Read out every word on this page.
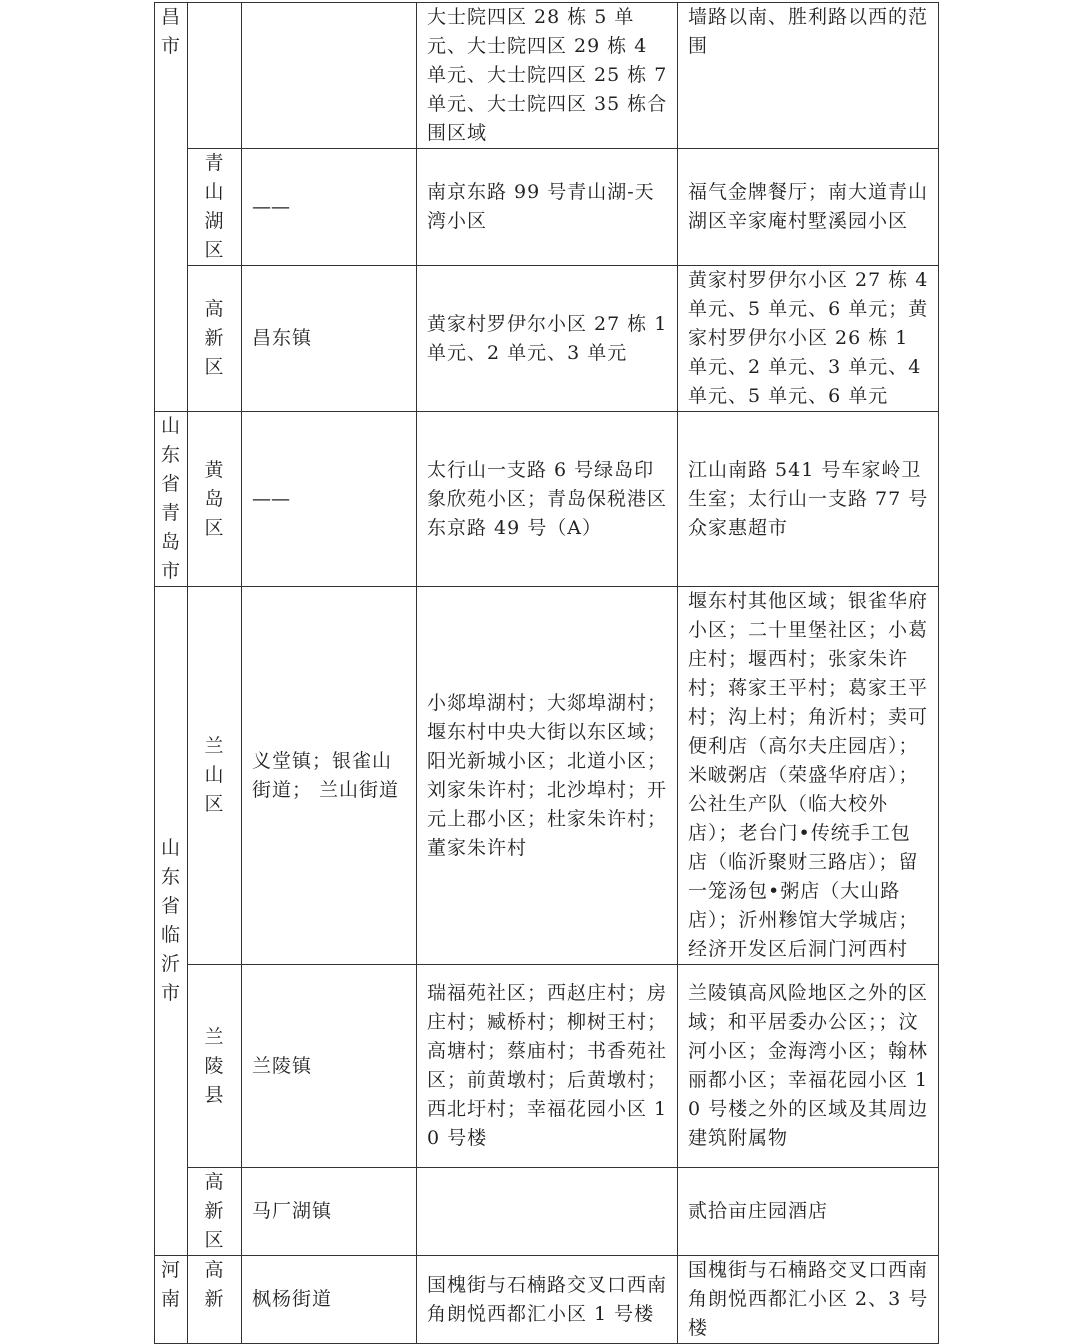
昌市			大士院四区 28 栋 5 单元、大士院四区 29 栋 4 单元、大士院四区 25 栋 7 单元、大士院四区 35 栋合围区域	墙路以南、胜利路以西的范围
	青山湖区	——	南京东路 99 号青山湖-天湾小区	福气金牌餐厅；南大道青山湖区辛家庵村墅溪园小区
	高新区	昌东镇	黄家村罗伊尔小区 27 栋 1 单元、2 单元、3 单元	黄家村罗伊尔小区 27 栋 4 单元、5 单元、6 单元；黄家村罗伊尔小区 26 栋 1 单元、2 单元、3 单元、4 单元、5 单元、6 单元
山东省青岛市	黄岛区	——	太行山一支路 6 号绿岛印象欣苑小区；青岛保税港区东京路 49 号（A）	江山南路 541 号车家岭卫生室；太行山一支路 77 号众家惠超市
山东省临沂市	兰山区	义堂镇；银雀山街道； 兰山街道	小郯埠湖村；大郯埠湖村；堰东村中央大街以东区域；阳光新城小区；北道小区；刘家朱许村；北沙埠村；开元上郡小区；杜家朱许村；董家朱许村	堰东村其他区域；银雀华府小区；二十里堡社区；小葛庄村；堰西村；张家朱许村；蒋家王平村；葛家王平村；沟上村；角沂村；卖可便利店（高尔夫庄园店）；米啵粥店（荣盛华府店）；公社生产队（临大校外店）；老台门•传统手工包店（临沂聚财三路店）；留一笼汤包•粥店（大山路店）；沂州糁馆大学城店；经济开发区后洞门河西村
	兰陵县	兰陵镇	瑞福苑社区；西赵庄村；房庄村；臧桥村；柳树王村；高塘村；蔡庙村；书香苑社区；前黄墩村；后黄墩村；西北圩村；幸福花园小区 10 号楼	兰陵镇高风险地区之外的区域；和平居委办公区；；汶河小区；金海湾小区；翰林丽都小区；幸福花园小区 10 号楼之外的区域及其周边建筑附属物
	高新区	马厂湖镇		贰拾亩庄园酒店
河南	高新	枫杨街道	国槐街与石楠路交叉口西南角朗悦西都汇小区 1 号楼	国槐街与石楠路交叉口西南角朗悦西都汇小区 2、3 号楼
